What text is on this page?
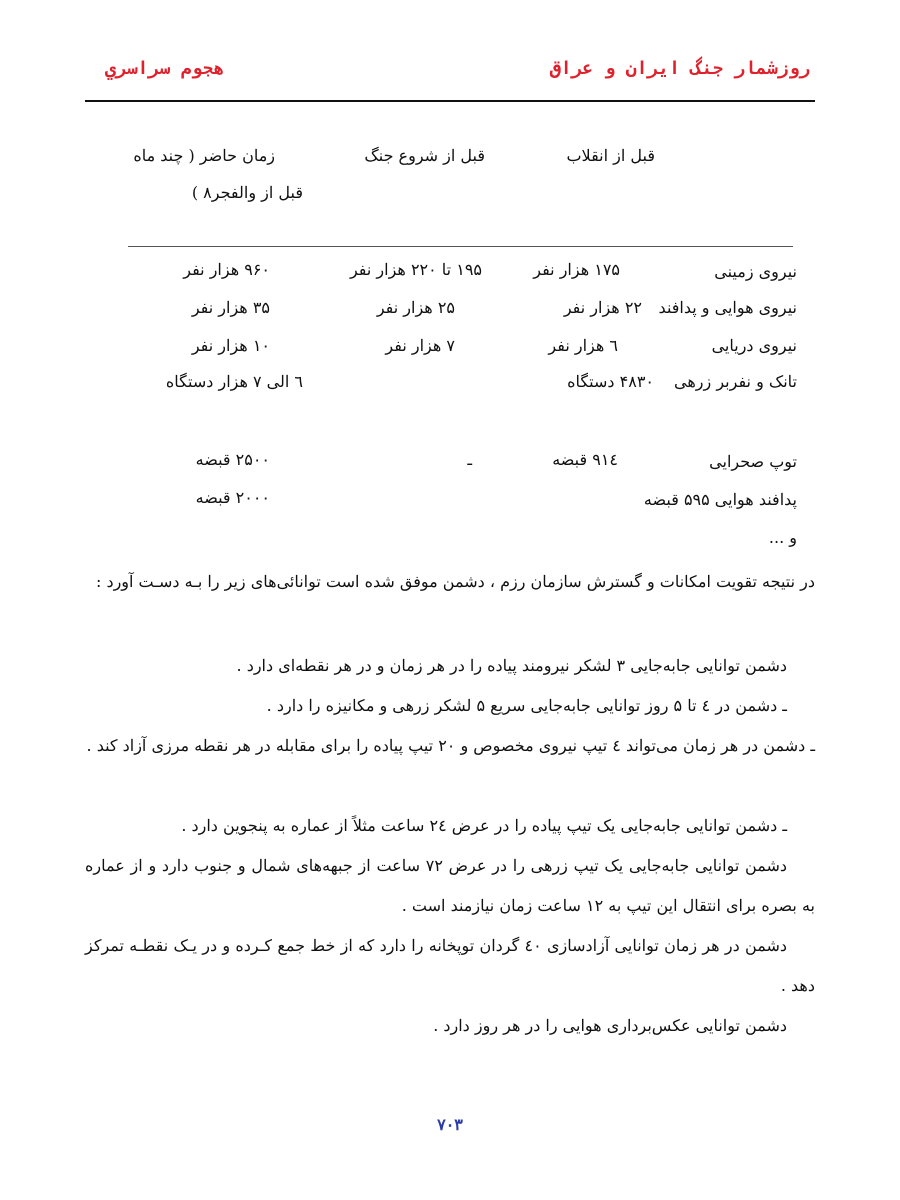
روزشمار جنگ ايران و عراق
هجوم سراسري
قبل از انقلاب
قبل از شروع جنگ
زمان حاضر ( چند ماه
قبل از والفجر۸ )
نیروی زمینی
۱۷۵ هزار نفر
۱۹۵ تا ۲۲۰ هزار نفر
۹۶۰ هزار نفر
نیروی هوایی و پدافند
۲۲ هزار نفر
۲۵ هزار نفر
۳۵ هزار نفر
نیروی دریایی
٦ هزار نفر
۷ هزار نفر
۱۰ هزار نفر
تانک و نفربر زرهی
۴۸۳۰ دستگاه
٦ الی ۷ هزار دستگاه
توپ صحرایی
۹۱٤ قبضه
ـ
۲۵۰۰ قبضه
پدافند هوایی ۵۹۵ قبضه
۲۰۰۰ قبضه
و ...
در نتیجه تقویت امکانات و گسترش سازمان رزم ، دشمن موفق شده است توانائی‌های زیر را بـه دسـت آورد :
دشمن توانایی جابه‌جایی ۳ لشکر نیرومند پیاده را در هر زمان و در هر نقطه‌ای دارد .
ـ دشمن در ٤ تا ۵ روز توانایی جابه‌جایی سریع ۵ لشکر زرهی و مکانیزه را دارد .
ـ دشمن در هر زمان می‌تواند ٤ تیپ نیروی مخصوص و ۲۰ تیپ پیاده را برای مقابله در هر نقطه مرزی آزاد کند .
ـ دشمن توانایی جابه‌جایی یک تیپ پیاده را در عرض ۲٤ ساعت مثلاً از عماره به پنجوین دارد .
دشمن توانایی جابه‌جایی یک تیپ زرهی را در عرض ۷۲ ساعت از جبهه‌های شمال و جنوب دارد و از عماره به بصره برای انتقال این تیپ به ۱۲ ساعت زمان نیازمند است .
دشمن در هر زمان توانایی آزادسازی ٤۰ گردان توپخانه را دارد که از خط جمع کـرده و در یـک نقطـه تمرکز دهد .
دشمن توانایی عکس‌برداری هوایی را در هر روز دارد .
۷۰۳
